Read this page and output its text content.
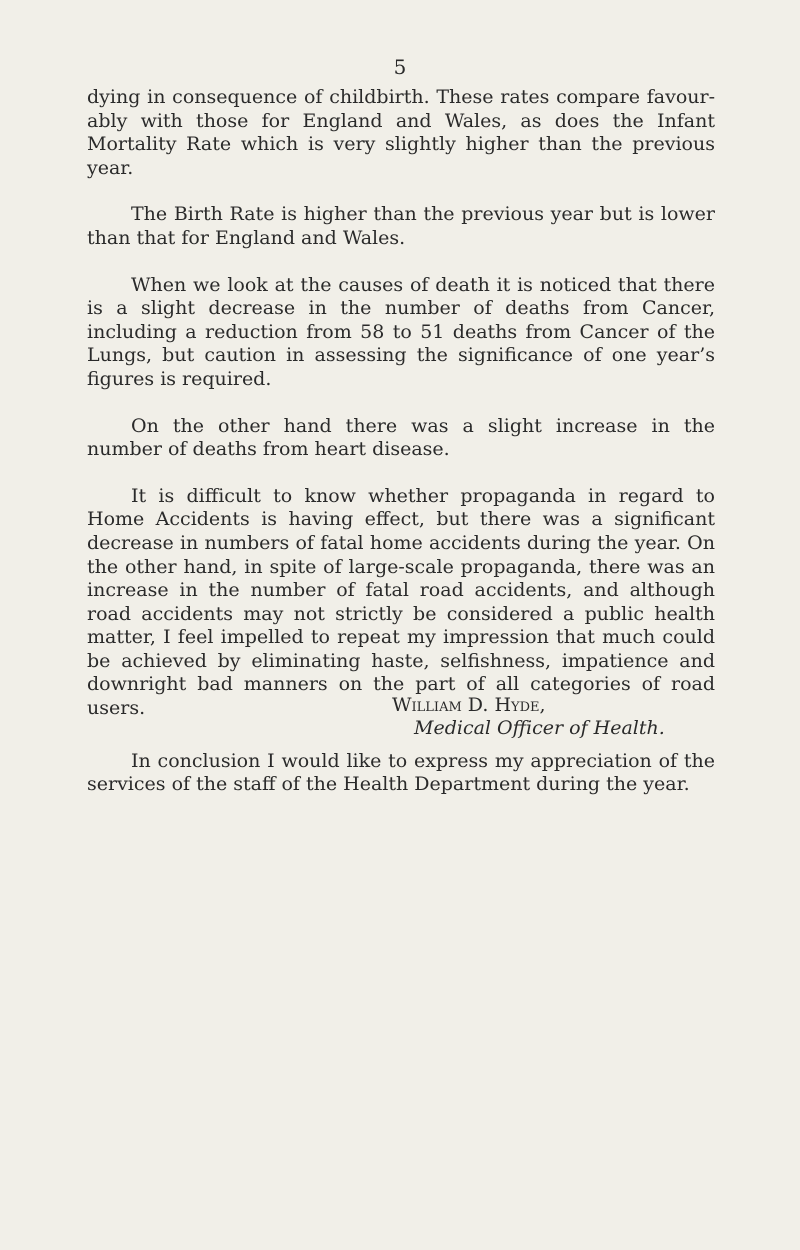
5

dying in consequence of childbirth. These rates compare favourably with those for England and Wales, as does the Infant Mortality Rate which is very slightly higher than the previous year.

The Birth Rate is higher than the previous year but is lower than that for England and Wales.

When we look at the causes of death it is noticed that there is a slight decrease in the number of deaths from Cancer, including a reduction from 58 to 51 deaths from Cancer of the Lungs, but caution in assessing the significance of one year’s figures is required.

On the other hand there was a slight increase in the number of deaths from heart disease.

It is difficult to know whether propaganda in regard to Home Accidents is having effect, but there was a significant decrease in numbers of fatal home accidents during the year. On the other hand, in spite of large-scale propaganda, there was an increase in the number of fatal road accidents, and although road accidents may not strictly be considered a public health matter, I feel impelled to repeat my impression that much could be achieved by eliminating haste, selfishness, impatience and downright bad manners on the part of all categories of road users.

In conclusion I would like to express my appreciation of the services of the staff of the Health Department during the year.

William D. Hyde,
Medical Officer of Health.
